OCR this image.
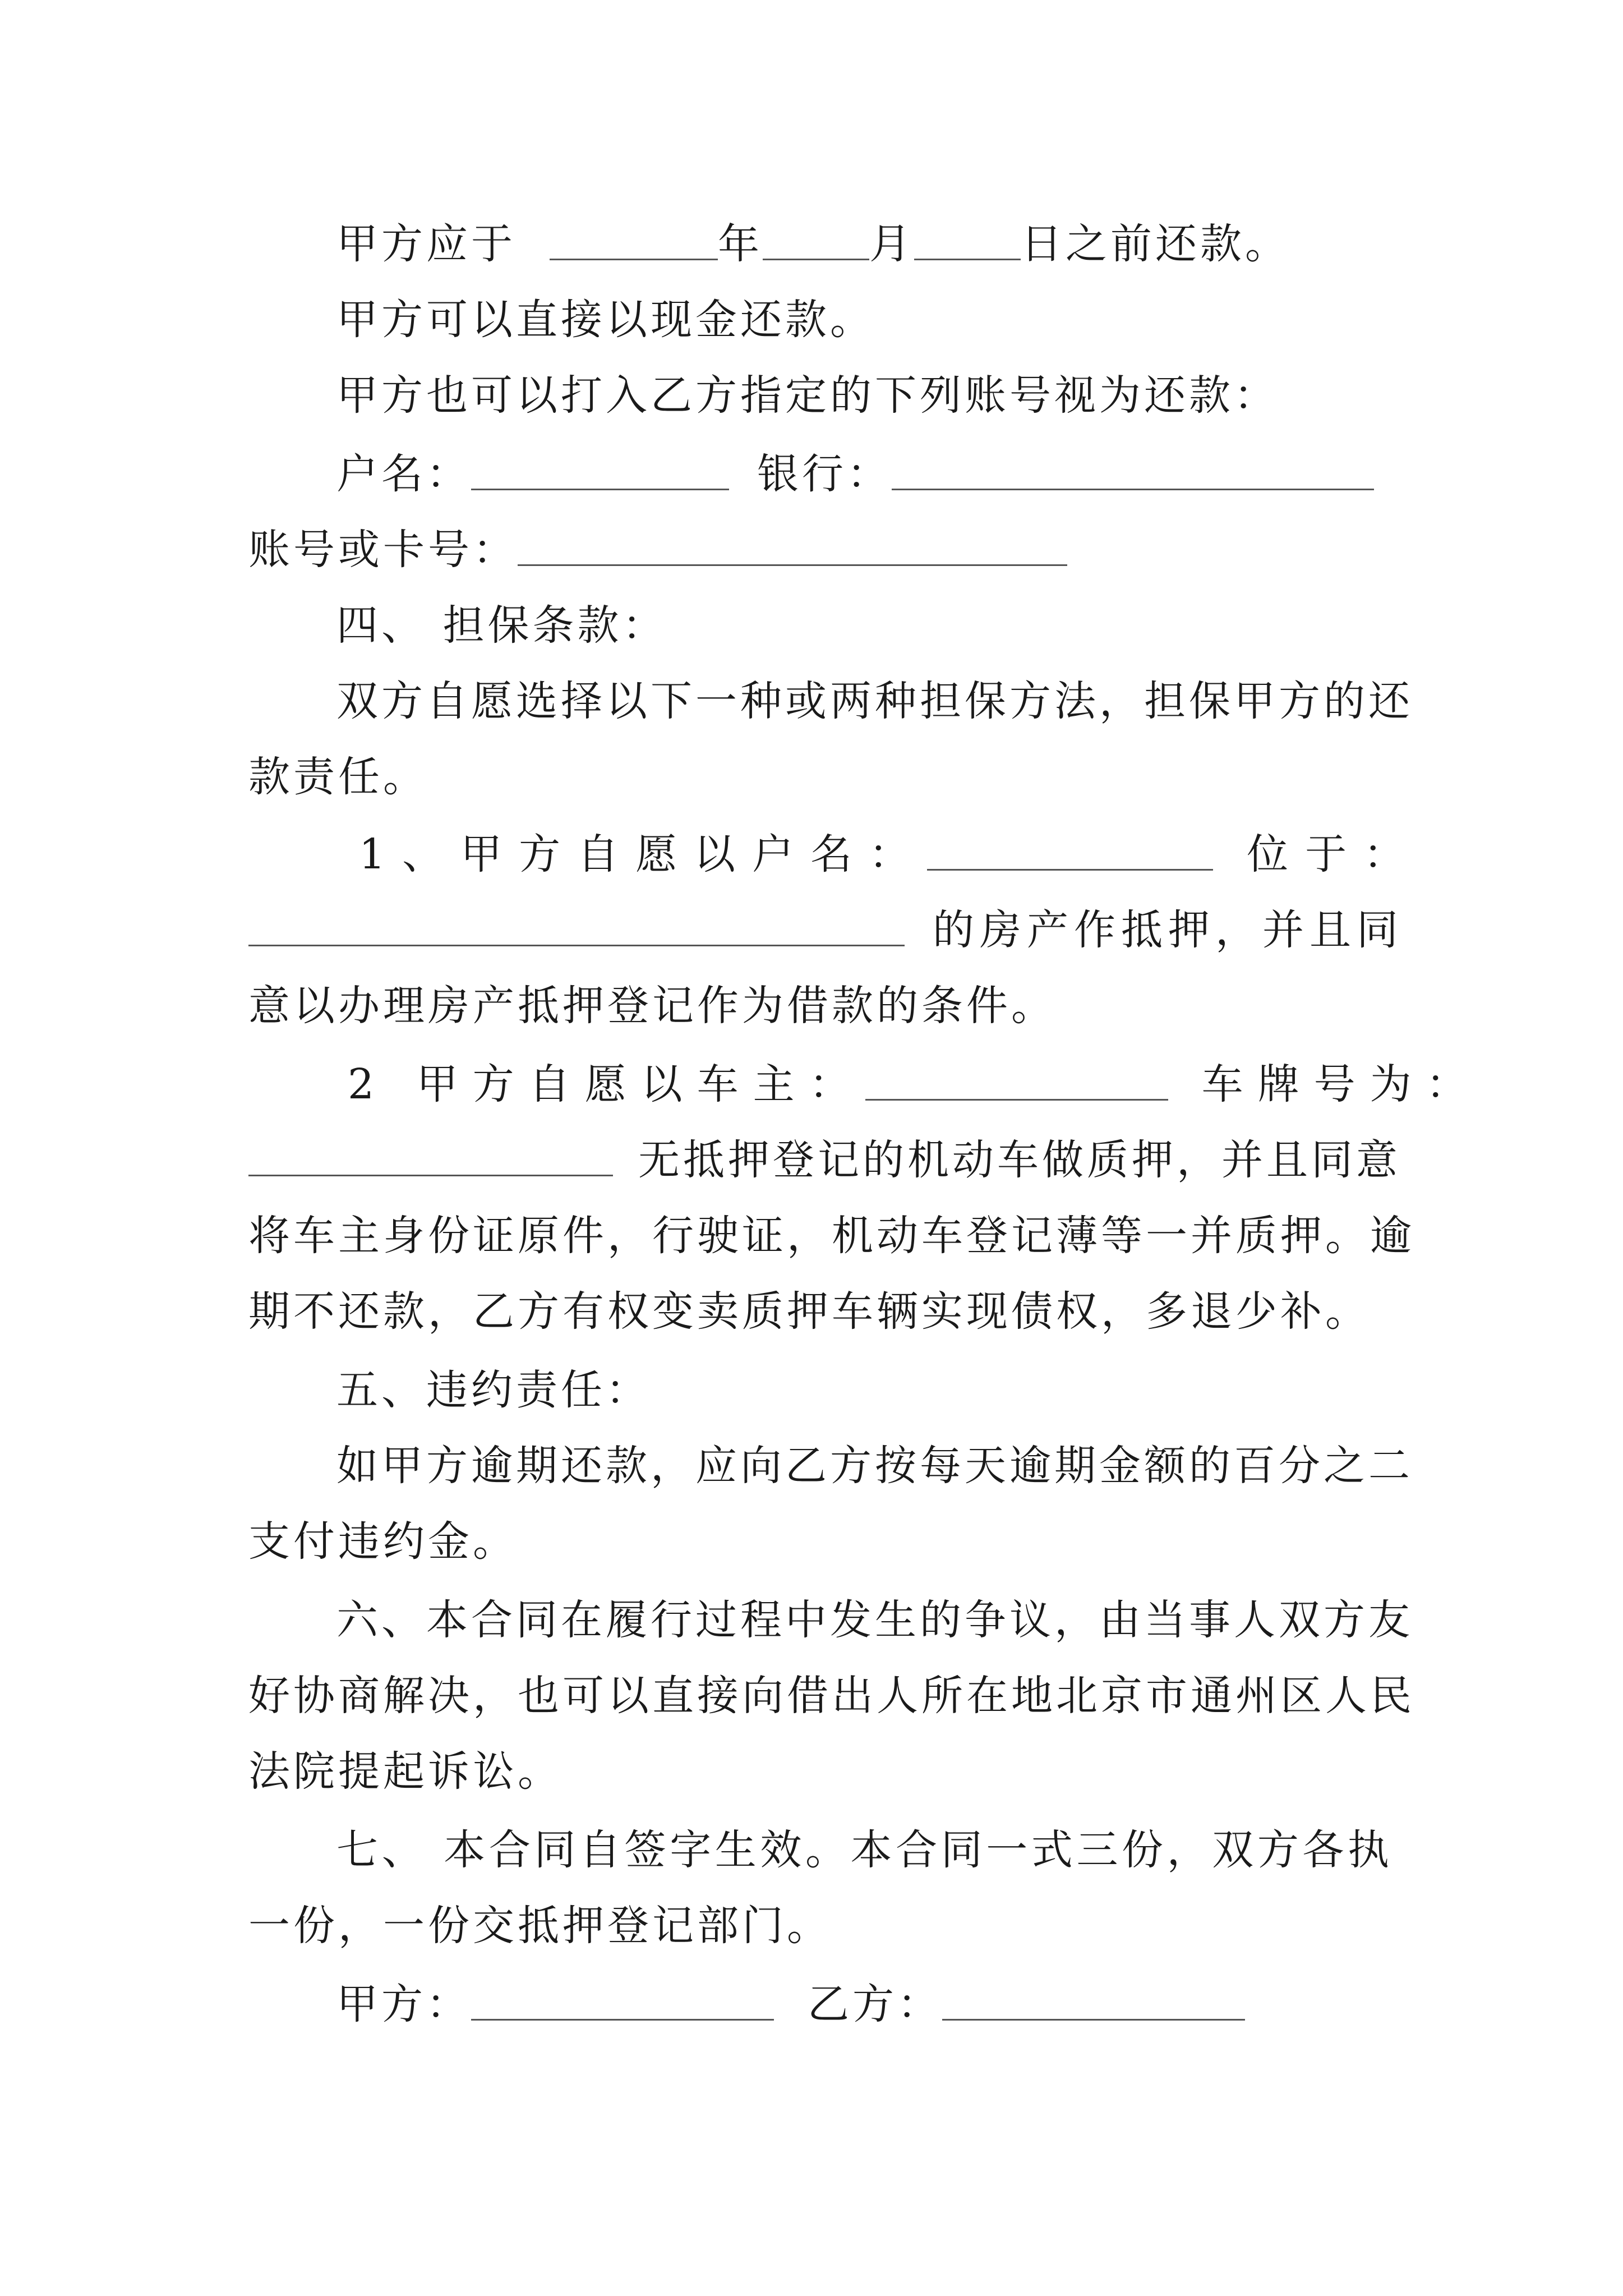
甲方应于	年	月	日之前还款。
甲方可以直接以现金还款。
甲方也可以打入乙方指定的下列账号视为还款：
户名：	银行：
账号或卡号：
四、 担保条款：
双方自愿选择以下一种或两种担保方法，担保甲方的还
款责任。
1、甲方自愿以户名：	位于：
的房产作抵押，并且同
意以办理房产抵押登记作为借款的条件。
2 甲方自愿以车主：	车牌号为：
无抵押登记的机动车做质押，并且同意
将车主身份证原件，行驶证，机动车登记薄等一并质押。逾
期不还款，乙方有权变卖质押车辆实现债权，多退少补。
五、违约责任：
如甲方逾期还款，应向乙方按每天逾期金额的百分之二
支付违约金。
六、本合同在履行过程中发生的争议，由当事人双方友
好协商解决，也可以直接向借出人所在地北京市通州区人民
法院提起诉讼。
七、 本合同自签字生效。本合同一式三份，双方各执
一份，一份交抵押登记部门。
甲方：	乙方：
